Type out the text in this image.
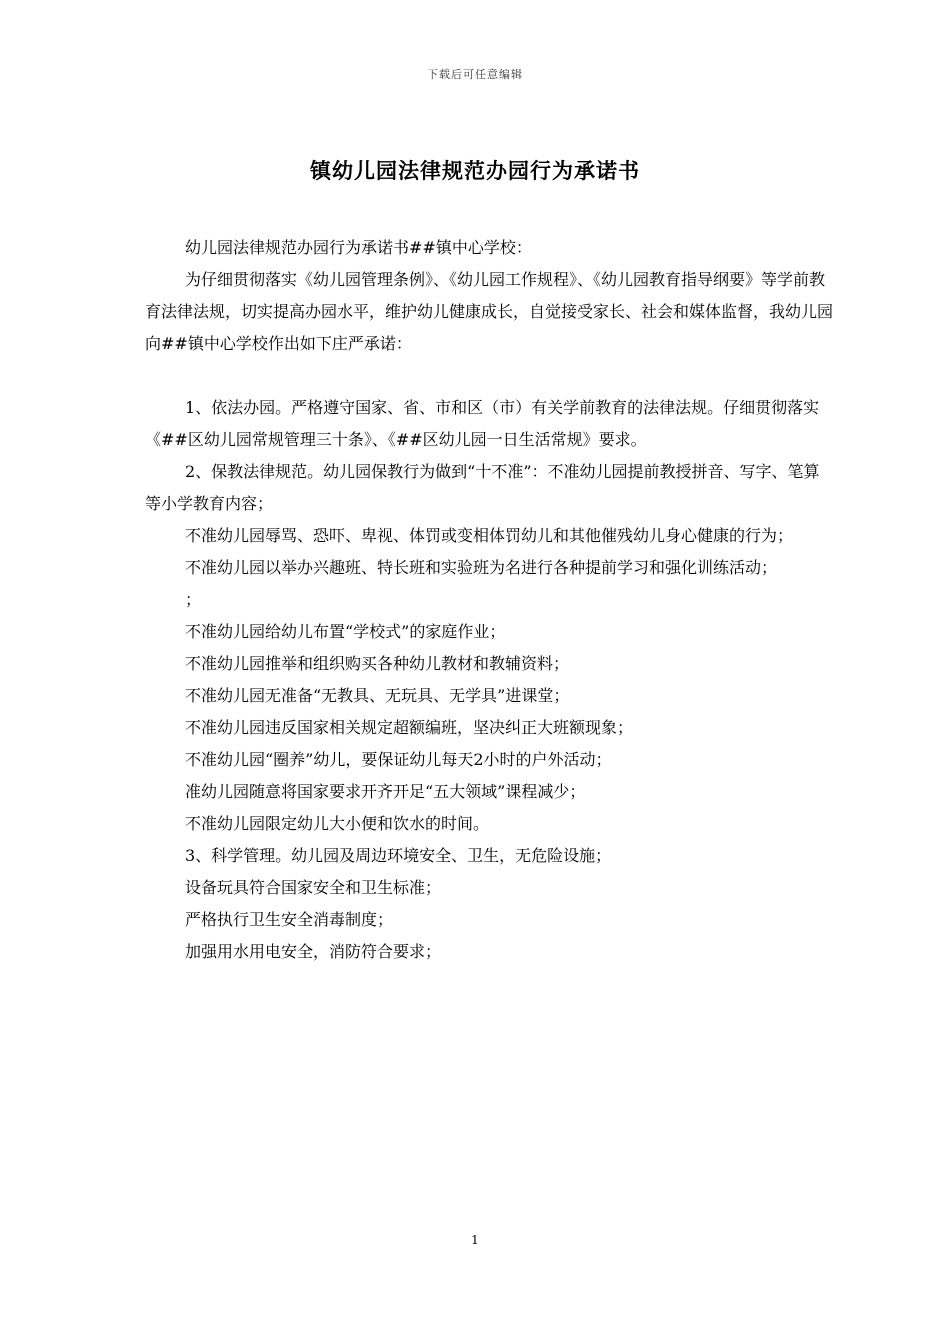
下载后可任意编辑
镇幼儿园法律规范办园行为承诺书

幼儿园法律规范办园行为承诺书##镇中心学校：

为仔细贯彻落实《幼儿园管理条例》、《幼儿园工作规程》、《幼儿园教育指导纲要》等学前教育法律法规，切实提高办园水平，维护幼儿健康成长，自觉接受家长、社会和媒体监督，我幼儿园向##镇中心学校作出如下庄严承诺：

1、依法办园。严格遵守国家、省、市和区（市）有关学前教育的法律法规。仔细贯彻落实《##区幼儿园常规管理三十条》、《##区幼儿园一日生活常规》要求。

2、保教法律规范。幼儿园保教行为做到“十不准”：不准幼儿园提前教授拼音、写字、笔算等小学教育内容；

不准幼儿园辱骂、恐吓、卑视、体罚或变相体罚幼儿和其他催残幼儿身心健康的行为；

不准幼儿园以举办兴趣班、特长班和实验班为名进行各种提前学习和强化训练活动；

；

不准幼儿园给幼儿布置“学校式”的家庭作业；

不准幼儿园推举和组织购买各种幼儿教材和教辅资料；

不准幼儿园无准备“无教具、无玩具、无学具”进课堂；

不准幼儿园违反国家相关规定超额编班，坚决纠正大班额现象；

不准幼儿园“圈养”幼儿，要保证幼儿每天2小时的户外活动；

准幼儿园随意将国家要求开齐开足“五大领域”课程减少；

不准幼儿园限定幼儿大小便和饮水的时间。

3、科学管理。幼儿园及周边环境安全、卫生，无危险设施；

设备玩具符合国家安全和卫生标准；

严格执行卫生安全消毒制度；

加强用水用电安全，消防符合要求；

1
